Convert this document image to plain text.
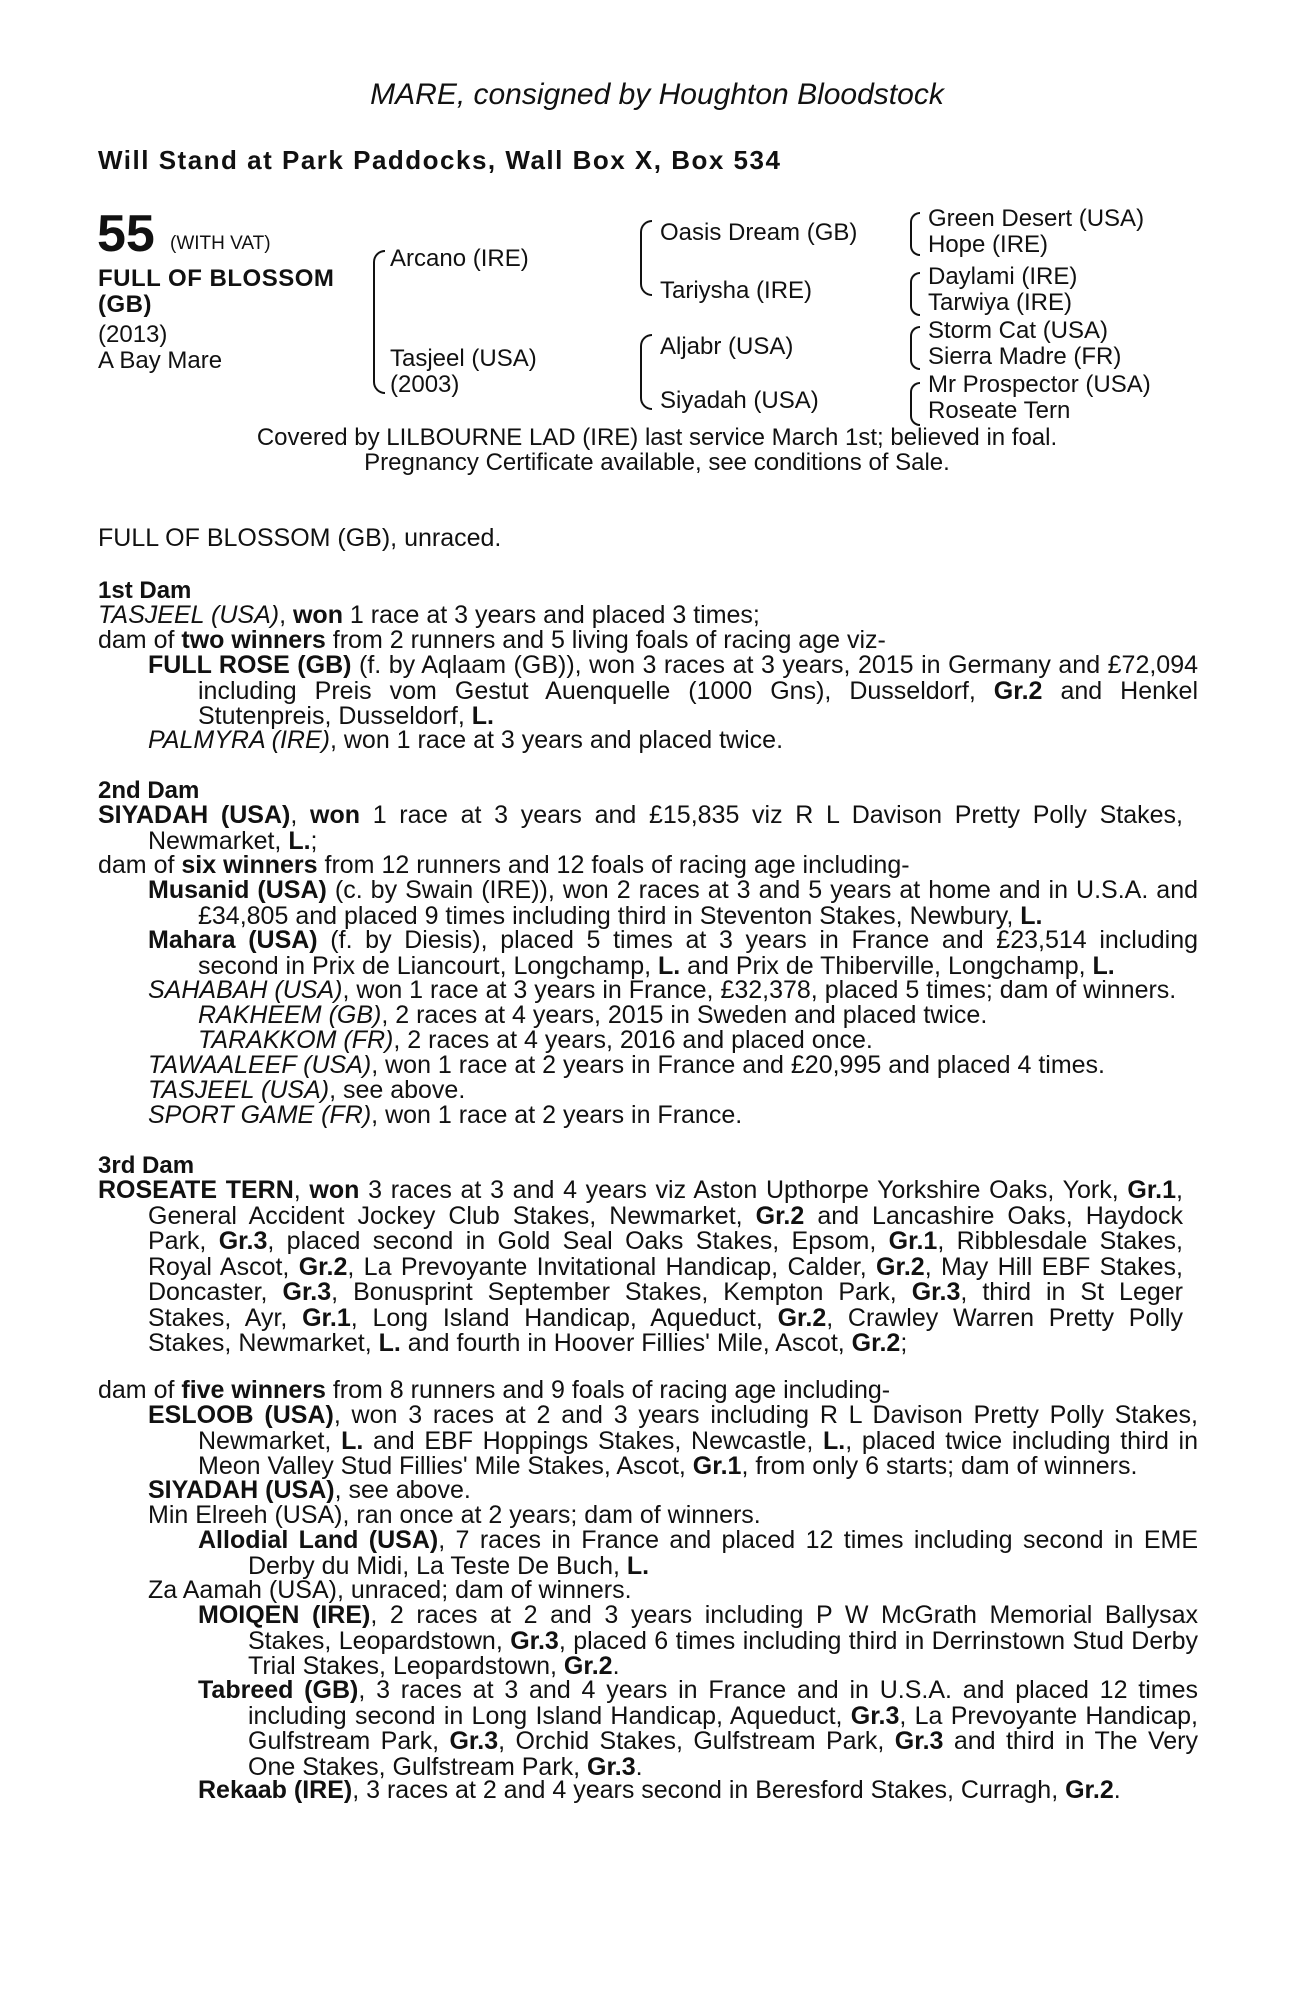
MARE, consigned by Houghton Bloodstock
Will Stand at Park Paddocks, Wall Box X, Box 534
55 (WITH VAT)
FULL OF BLOSSOM (GB)
(2013)
A Bay Mare
Arcano (IRE)
Tasjeel (USA)
(2003)
Oasis Dream (GB)
Tariysha (IRE)
Aljabr (USA)
Siyadah (USA)
Green Desert (USA)
Hope (IRE)
Daylami (IRE)
Tarwiya (IRE)
Storm Cat (USA)
Sierra Madre (FR)
Mr Prospector (USA)
Roseate Tern
Covered by LILBOURNE LAD (IRE) last service March 1st; believed in foal.
Pregnancy Certificate available, see conditions of Sale.
FULL OF BLOSSOM (GB), unraced.
1st Dam
TASJEEL (USA), won 1 race at 3 years and placed 3 times;
dam of two winners from 2 runners and 5 living foals of racing age viz-
FULL ROSE (GB) (f. by Aqlaam (GB)), won 3 races at 3 years, 2015 in Germany and £72,094 including Preis vom Gestut Auenquelle (1000 Gns), Dusseldorf, Gr.2 and Henkel Stutenpreis, Dusseldorf, L.
PALMYRA (IRE), won 1 race at 3 years and placed twice.
2nd Dam
SIYADAH (USA), won 1 race at 3 years and £15,835 viz R L Davison Pretty Polly Stakes, Newmarket, L.;
dam of six winners from 12 runners and 12 foals of racing age including-
Musanid (USA) (c. by Swain (IRE)), won 2 races at 3 and 5 years at home and in U.S.A. and £34,805 and placed 9 times including third in Steventon Stakes, Newbury, L.
Mahara (USA) (f. by Diesis), placed 5 times at 3 years in France and £23,514 including second in Prix de Liancourt, Longchamp, L. and Prix de Thiberville, Longchamp, L.
SAHABAH (USA), won 1 race at 3 years in France, £32,378, placed 5 times; dam of winners.
RAKHEEM (GB), 2 races at 4 years, 2015 in Sweden and placed twice.
TARAKKOM (FR), 2 races at 4 years, 2016 and placed once.
TAWAALEEF (USA), won 1 race at 2 years in France and £20,995 and placed 4 times.
TASJEEL (USA), see above.
SPORT GAME (FR), won 1 race at 2 years in France.
3rd Dam
ROSEATE TERN, won 3 races at 3 and 4 years viz Aston Upthorpe Yorkshire Oaks, York, Gr.1, General Accident Jockey Club Stakes, Newmarket, Gr.2 and Lancashire Oaks, Haydock Park, Gr.3, placed second in Gold Seal Oaks Stakes, Epsom, Gr.1, Ribblesdale Stakes, Royal Ascot, Gr.2, La Prevoyante Invitational Handicap, Calder, Gr.2, May Hill EBF Stakes, Doncaster, Gr.3, Bonusprint September Stakes, Kempton Park, Gr.3, third in St Leger Stakes, Ayr, Gr.1, Long Island Handicap, Aqueduct, Gr.2, Crawley Warren Pretty Polly Stakes, Newmarket, L. and fourth in Hoover Fillies' Mile, Ascot, Gr.2;
dam of five winners from 8 runners and 9 foals of racing age including-
ESLOOB (USA), won 3 races at 2 and 3 years including R L Davison Pretty Polly Stakes, Newmarket, L. and EBF Hoppings Stakes, Newcastle, L., placed twice including third in Meon Valley Stud Fillies' Mile Stakes, Ascot, Gr.1, from only 6 starts; dam of winners.
SIYADAH (USA), see above.
Min Elreeh (USA), ran once at 2 years; dam of winners.
Allodial Land (USA), 7 races in France and placed 12 times including second in EME Derby du Midi, La Teste De Buch, L.
Za Aamah (USA), unraced; dam of winners.
MOIQEN (IRE), 2 races at 2 and 3 years including P W McGrath Memorial Ballysax Stakes, Leopardstown, Gr.3, placed 6 times including third in Derrinstown Stud Derby Trial Stakes, Leopardstown, Gr.2.
Tabreed (GB), 3 races at 3 and 4 years in France and in U.S.A. and placed 12 times including second in Long Island Handicap, Aqueduct, Gr.3, La Prevoyante Handicap, Gulfstream Park, Gr.3, Orchid Stakes, Gulfstream Park, Gr.3 and third in The Very One Stakes, Gulfstream Park, Gr.3.
Rekaab (IRE), 3 races at 2 and 4 years second in Beresford Stakes, Curragh, Gr.2.
